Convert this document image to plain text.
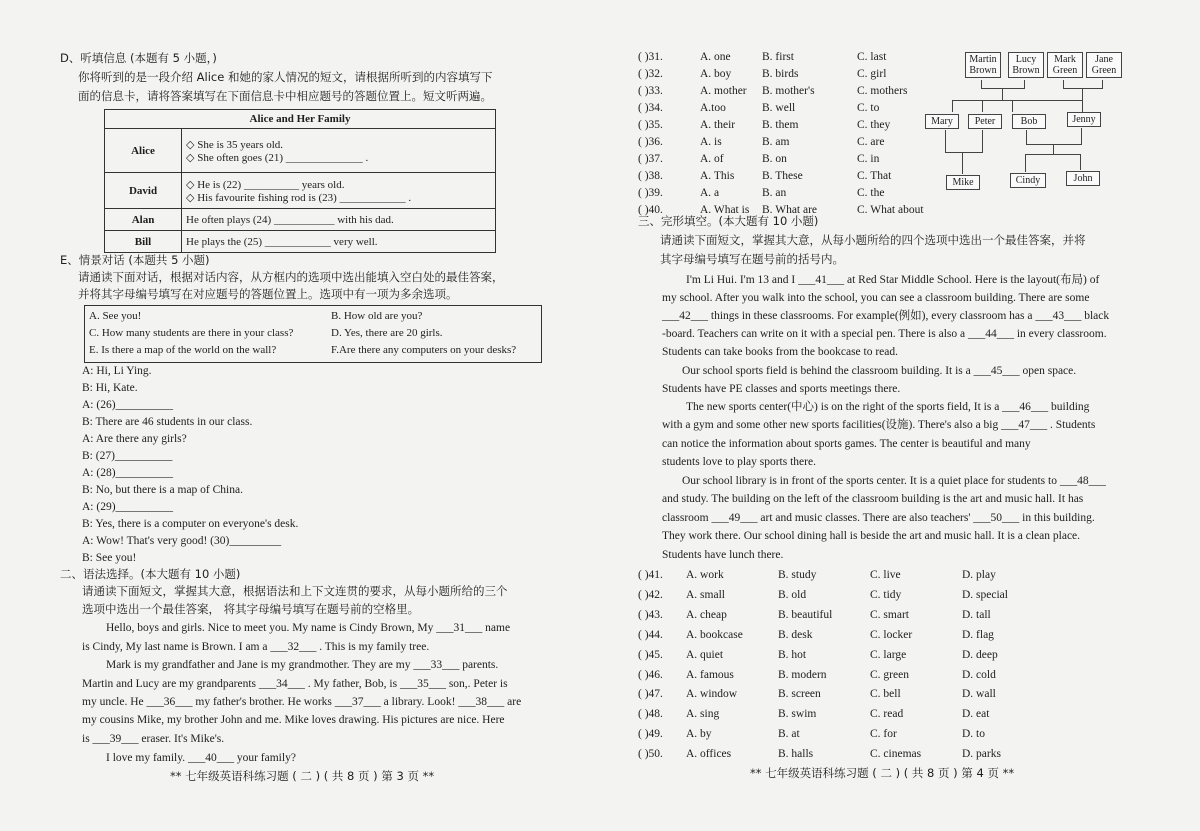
D、听填信息 (本题有 5 小题，)
你将听到的是一段介绍 Alice 和她的家人情况的短文，请根据所听到的内容填写下
面的信息卡，请将答案填写在下面信息卡中相应题号的答题位置上。短文听两遍。
Alice and Her Family	
Alice	◇ She is 35 years old.
◇ She often goes (21) ______________ .

David	◇ He is (22) __________ years old.
◇ His favourite fishing rod is (23) ____________ .

Alan	He often plays (24) ___________ with his dad.
Bill	He plays the (25) ____________ very well.
E、情景对话 (本题共 5 小题)
请通读下面对话，根据对话内容，从方框内的选项中选出能填入空白处的最佳答案，
并将其字母编号填写在对应题号的答题位置上。选项中有一项为多余选项。
A. See you!	B. How old are you?
C. How many students are there in your class?	D. Yes, there are 20 girls.
E. Is there a map of the world on the wall?	F.Are there any computers on your desks?
A: Hi, Li Ying.
B: Hi, Kate.
A: (26)__________
B: There are 46 students in our class.
A: Are there any girls?
B: (27)__________
A: (28)__________
B: No, but there is a map of China.
A: (29)__________
B: Yes, there is a computer on everyone's desk.
A: Wow! That's very good! (30)_________
B: See you!
二、语法选择。(本大题有 10 小题)
请通读下面短文，掌握其大意，根据语法和上下文连贯的要求，从每小题所给的三个
选项中选出一个最佳答案， 将其字母编号填写在题号前的空格里。
Hello, boys and girls. Nice to meet you. My name is Cindy Brown, My ___31___ name
is Cindy, My last name is Brown. I am a ___32___ . This is my family tree.
Mark is my grandfather and Jane is my grandmother. They are my ___33___ parents.
Martin and Lucy are my grandparents ___34___ . My father, Bob, is ___35___ son,. Peter is
my uncle. He ___36___ my father's brother. He works ___37___ a library. Look! ___38___ are
my cousins Mike, my brother John and me. Mike loves drawing. His pictures are nice. Here
is ___39___ eraser. It's Mike's.
I love my family. ___40___ your family?
** 七年级英语科练习题 ( 二 ) ( 共 8 页 ) 第 3 页 **
( )31.	A. one	B. first	C. last
( )32.	A. boy	B. birds	C. girl
( )33.	A. mother B. mother's	C. mothers
( )34.	A.too	B. well	C. to
( )35.	A. their B. them	C. they
( )36.	A. is	B. am	C. are
( )37.	A. of	B. on	C. in
( )38.	A. This B. These	C. That
( )39.	A. a	B. an	C. the
( )40.	A. What is B. What are	C. What about
Martin Brown
Lucy Brown
Mark Green
Jane Green
Mary	Peter	Bob	Jenny
Mike	Cindy	John
三、完形填空。(本大题有 10 小题)
请通读下面短文，掌握其大意，从每小题所给的四个选项中选出一个最佳答案，并将
其字母编号填写在题号前的括号内。
I'm Li Hui. I'm 13 and I ___41___ at Red Star Middle School. Here is the layout(布局) of
my school. After you walk into the school, you can see a classroom building. There are some
___42___ things in these classrooms. For example(例如), every classroom has a ___43___ black
-board. Teachers can write on it with a special pen. There is also a ___44___ in every classroom.
Students can take books from the bookcase to read.
Our school sports field is behind the classroom building. It is a ___45___ open space.
Students have PE classes and sports meetings there.
The new sports center(中心) is on the right of the sports field, It is a ___46___ building
with a gym and some other new sports facilities(设施). There's also a big ___47___ . Students
can notice the information about sports games. The center is beautiful and many
students love to play sports there.
Our school library is in front of the sports center. It is a quiet place for students to ___48___
and study. The building on the left of the classroom building is the art and music hall. It has
classroom ___49___ art and music classes. There are also teachers' ___50___ in this building.
They work there. Our school dining hall is beside the art and music hall. It is a clean place.
Students have lunch there.
( )41. A. work	B. study	C. live	D. play
( )42. A. small	B. old	C. tidy	D. special
( )43. A. cheap	B. beautiful	C. smart	D. tall
( )44. A. bookcase	B. desk	C. locker	D. flag
( )45. A. quiet	B. hot	C. large	D. deep
( )46. A. famous	B. modern	C. green	D. cold
( )47. A. window	B. screen	C. bell	D. wall
( )48. A. sing	B. swim	C. read	D. eat
( )49. A. by	B. at	C. for	D. to
( )50. A. offices	B. halls	C. cinemas	D. parks
** 七年级英语科练习题 ( 二 ) ( 共 8 页 ) 第 4 页 **
